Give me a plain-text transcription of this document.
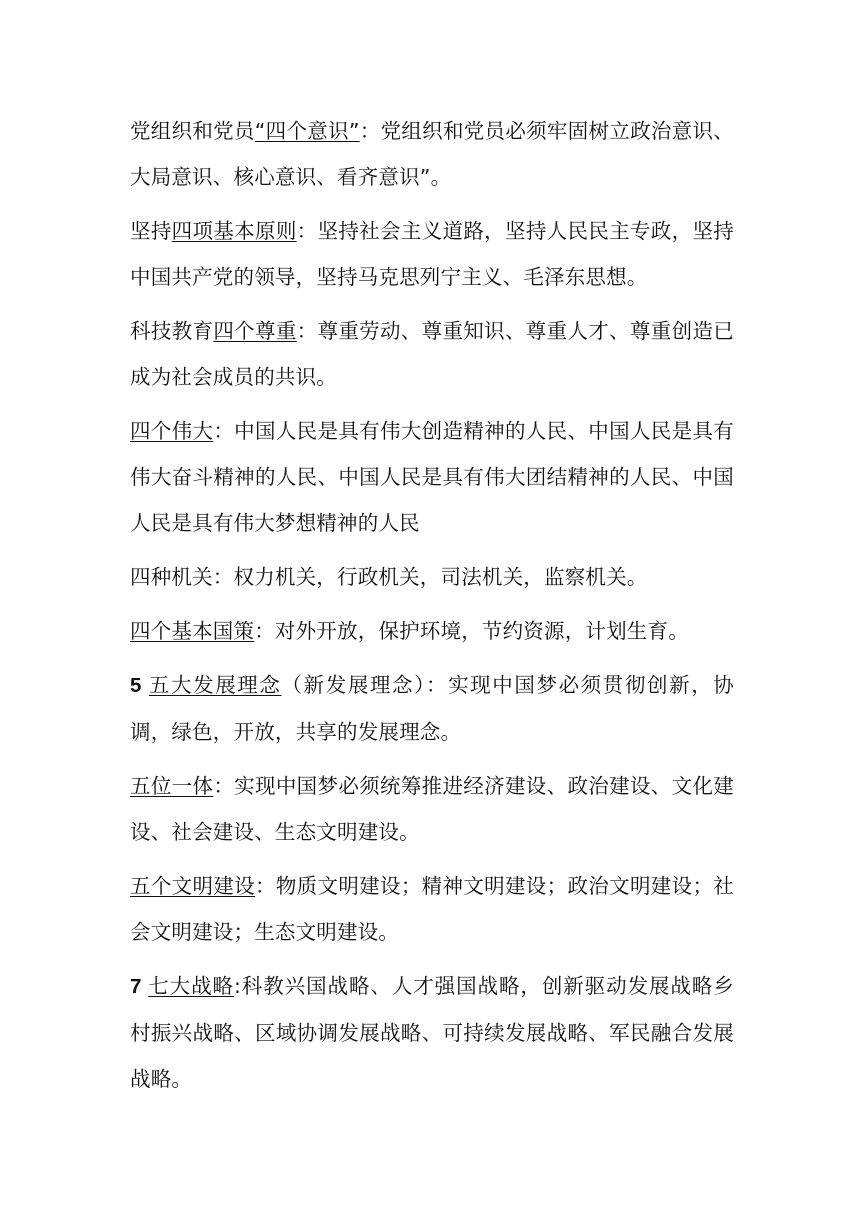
党组织和党员“四个意识”：党组织和党员必须牢固树立政治意识、大局意识、核心意识、看齐意识”。

坚持四项基本原则：坚持社会主义道路，坚持人民民主专政，坚持中国共产党的领导，坚持马克思列宁主义、毛泽东思想。

科技教育四个尊重：尊重劳动、尊重知识、尊重人才、尊重创造已成为社会成员的共识。

四个伟大：中国人民是具有伟大创造精神的人民、中国人民是具有伟大奋斗精神的人民、中国人民是具有伟大团结精神的人民、中国人民是具有伟大梦想精神的人民

四种机关：权力机关，行政机关，司法机关，监察机关。

四个基本国策：对外开放，保护环境，节约资源，计划生育。

5 五大发展理念（新发展理念）：实现中国梦必须贯彻创新，协调，绿色，开放，共享的发展理念。

五位一体：实现中国梦必须统筹推进经济建设、政治建设、文化建设、社会建设、生态文明建设。

五个文明建设：物质文明建设；精神文明建设；政治文明建设；社会文明建设；生态文明建设。

7 七大战略:科教兴国战略、人才强国战略，创新驱动发展战略乡村振兴战略、区域协调发展战略、可持续发展战略、军民融合发展战略。
